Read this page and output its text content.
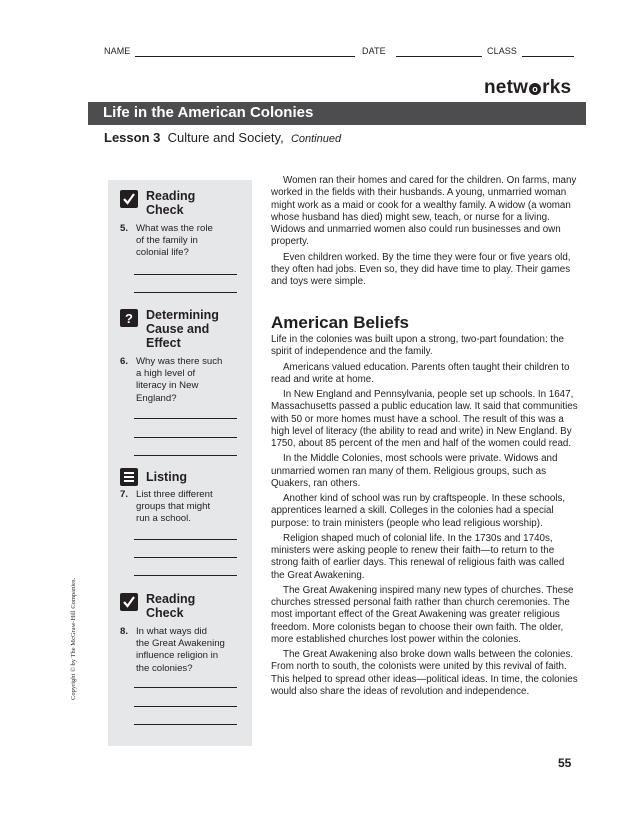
NAME	DATE	CLASS
netw o rks
Life in the American Colonies
Lesson 3 Culture and Society, Continued
Reading
Check
5. What was the role
of the family in
colonial life?
? Determining
Cause and
Effect
6. Why was there such
a high level of
literacy in New
England?
Listing
7. List three different
groups that might
run a school.
Reading
Check
8. In what ways did
the Great Awakening
influence religion in
the colonies?

Women ran their homes and cared for the children. On farms, many worked in the fields with their husbands. A young, unmarried woman might work as a maid or cook for a wealthy family. A widow (a woman whose husband has died) might sew, teach, or nurse for a living. Widows and unmarried women also could run businesses and own property.

Even children worked. By the time they were four or five years old, they often had jobs. Even so, they did have time to play. Their games and toys were simple.

American Beliefs

Life in the colonies was built upon a strong, two-part foundation: the spirit of independence and the family.

Americans valued education. Parents often taught their children to read and write at home.

In New England and Pennsylvania, people set up schools. In 1647, Massachusetts passed a public education law. It said that communities with 50 or more homes must have a school. The result of this was a high level of literacy (the ability to read and write) in New England. By 1750, about 85 percent of the men and half of the women could read.

In the Middle Colonies, most schools were private. Widows and unmarried women ran many of them. Religious groups, such as Quakers, ran others.

Another kind of school was run by craftspeople. In these schools, apprentices learned a skill. Colleges in the colonies had a special purpose: to train ministers (people who lead religious worship).

Religion shaped much of colonial life. In the 1730s and 1740s, ministers were asking people to renew their faith—to return to the strong faith of earlier days. This renewal of religious faith was called the Great Awakening.

The Great Awakening inspired many new types of churches. These churches stressed personal faith rather than church ceremonies. The most important effect of the Great Awakening was greater religious freedom. More colonists began to choose their own faith. The older, more established churches lost power within the colonies.

The Great Awakening also broke down walls between the colonies. From north to south, the colonists were united by this revival of faith. This helped to spread other ideas—political ideas. In time, the colonies would also share the ideas of revolution and independence.

Copyright © by The McGraw-Hill Companies.
55
